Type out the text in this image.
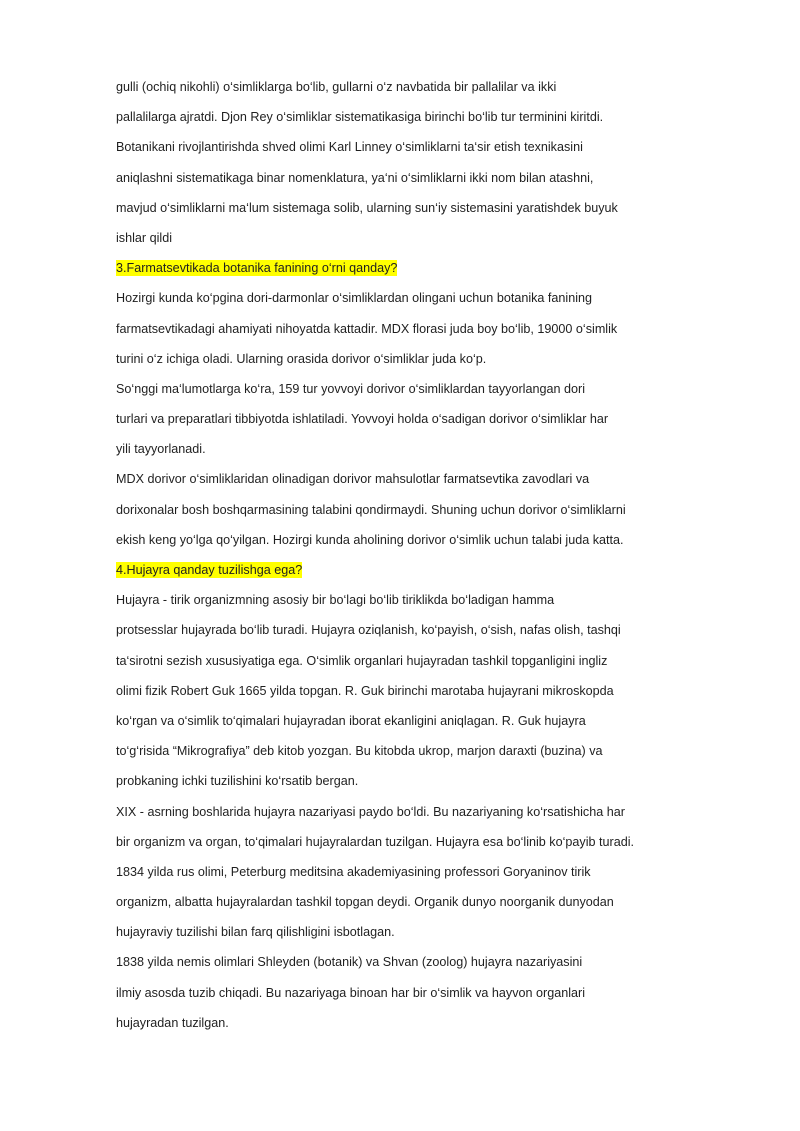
gulli (ochiq nikohli) o‘simliklarga bo‘lib, gullarni o‘z navbatida bir pallalilar va ikki
pallalilarga ajratdi. Djon Rey o‘simliklar sistematikasiga birinchi bo‘lib tur terminini kiritdi.
Botanikani rivojlantirishda shved olimi Karl Linney o‘simliklarni ta‘sir etish texnikasini
aniqlashni sistematikaga binar nomenklatura, ya‘ni o‘simliklarni ikki nom bilan atashni,
mavjud o‘simliklarni ma‘lum sistemaga solib, ularning sun‘iy sistemasini yaratishdek buyuk
ishlar qildi
3.Farmatsevtikada botanika fanining o‘rni qanday?
Hozirgi kunda ko‘pgina dori-darmonlar o‘simliklardan olingani uchun botanika fanining
farmatsevtikadagi ahamiyati nihoyatda kattadir. MDX florasi juda boy bo‘lib, 19000 o‘simlik
turini o‘z ichiga oladi. Ularning orasida dorivor o‘simliklar juda ko‘p.
So‘nggi ma‘lumotlarga ko‘ra, 159 tur yovvoyi dorivor o‘simliklardan tayyorlangan dori
turlari va preparatlari tibbiyotda ishlatiladi. Yovvoyi holda o‘sadigan dorivor o‘simliklar har
yili tayyorlanadi.
MDX dorivor o‘simliklaridan olinadigan dorivor mahsulotlar farmatsevtika zavodlari va
dorixonalar bosh boshqarmasining talabini qondirmaydi. Shuning uchun dorivor o‘simliklarni
ekish keng yo‘lga qo‘yilgan. Hozirgi kunda aholining dorivor o‘simlik uchun talabi juda katta.
4.Hujayra qanday tuzilishga ega?
Hujayra - tirik organizmning asosiy bir bo‘lagi bo‘lib tiriklikda bo‘ladigan hamma
protsesslar hujayrada bo‘lib turadi. Hujayra oziqlanish, ko‘payish, o‘sish, nafas olish, tashqi
ta‘sirotni sezish xususiyatiga ega. O‘simlik organlari hujayradan tashkil topganligini ingliz
olimi fizik Robert Guk 1665 yilda topgan. R. Guk birinchi marotaba hujayrani mikroskopda
ko‘rgan va o‘simlik to‘qimalari hujayradan iborat ekanligini aniqlagan. R. Guk hujayra
to‘g‘risida “Mikrografiya” deb kitob yozgan. Bu kitobda ukrop, marjon daraxti (buzina) va
probkaning ichki tuzilishini ko‘rsatib bergan.
XIX - asrning boshlarida hujayra nazariyasi paydo bo‘ldi. Bu nazariyaning ko‘rsatishicha har
bir organizm va organ, to‘qimalari hujayralardan tuzilgan. Hujayra esa bo‘linib ko‘payib turadi.
1834 yilda rus olimi, Peterburg meditsina akademiyasining professori Goryaninov tirik
organizm, albatta hujayralardan tashkil topgan deydi. Organik dunyo noorganik dunyodan
hujayraviy tuzilishi bilan farq qilishligini isbotlagan.
1838 yilda nemis olimlari Shleyden (botanik) va Shvan (zoolog) hujayra nazariyasini
ilmiy asosda tuzib chiqadi. Bu nazariyaga binoan har bir o‘simlik va hayvon organlari
hujayradan tuzilgan.
